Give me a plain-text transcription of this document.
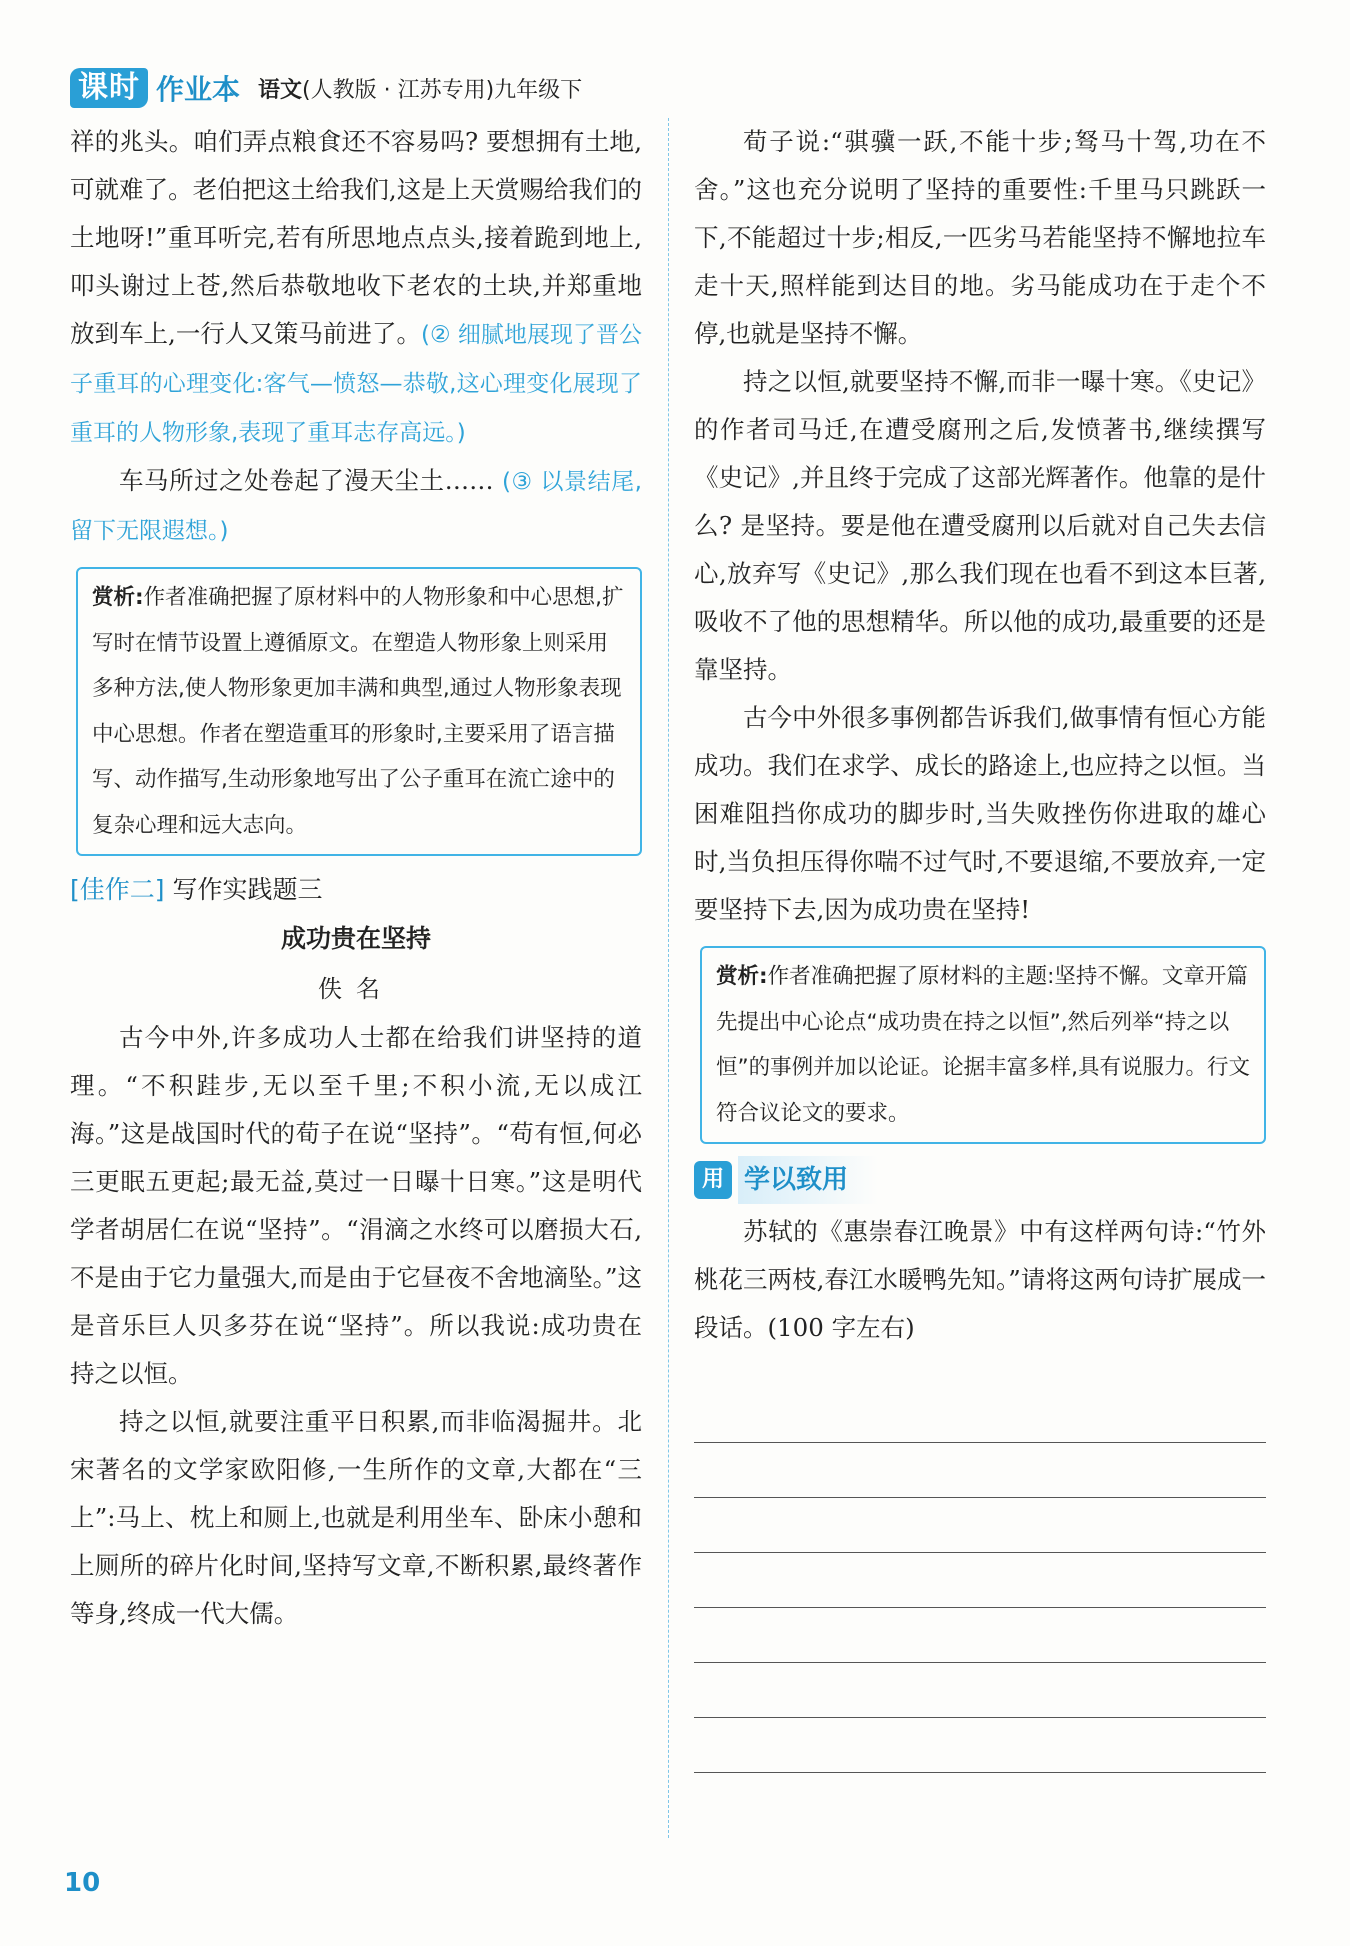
课时 作业本 语文(人教版 · 江苏专用)九年级下

祥的兆头。咱们弄点粮食还不容易吗? 要想拥有土地,可就难了。老伯把这土给我们,这是上天赏赐给我们的土地呀!”重耳听完,若有所思地点点头,接着跪到地上,叩头谢过上苍,然后恭敬地收下老农的土块,并郑重地放到车上,一行人又策马前进了。(② 细腻地展现了晋公子重耳的心理变化:客气—愤怒—恭敬,这心理变化展现了重耳的人物形象,表现了重耳志存高远。)

车马所过之处卷起了漫天尘土…… (③ 以景结尾,留下无限遐想。)

赏析:作者准确把握了原材料中的人物形象和中心思想,扩写时在情节设置上遵循原文。在塑造人物形象上则采用多种方法,使人物形象更加丰满和典型,通过人物形象表现中心思想。作者在塑造重耳的形象时,主要采用了语言描写、动作描写,生动形象地写出了公子重耳在流亡途中的复杂心理和远大志向。
[佳作二] 写作实践题三
成功贵在坚持
佚名

古今中外,许多成功人士都在给我们讲坚持的道理。“不积跬步,无以至千里;不积小流,无以成江海。”这是战国时代的荀子在说“坚持”。“苟有恒,何必三更眠五更起;最无益,莫过一日曝十日寒。”这是明代学者胡居仁在说“坚持”。“涓滴之水终可以磨损大石,不是由于它力量强大,而是由于它昼夜不舍地滴坠。”这是音乐巨人贝多芬在说“坚持”。所以我说:成功贵在持之以恒。

持之以恒,就要注重平日积累,而非临渴掘井。北宋著名的文学家欧阳修,一生所作的文章,大都在“三上”:马上、枕上和厕上,也就是利用坐车、卧床小憩和上厕所的碎片化时间,坚持写文章,不断积累,最终著作等身,终成一代大儒。

荀子说:“骐骥一跃,不能十步;驽马十驾,功在不舍。”这也充分说明了坚持的重要性:千里马只跳跃一下,不能超过十步;相反,一匹劣马若能坚持不懈地拉车走十天,照样能到达目的地。劣马能成功在于走个不停,也就是坚持不懈。

持之以恒,就要坚持不懈,而非一曝十寒。《史记》的作者司马迁,在遭受腐刑之后,发愤著书,继续撰写《史记》,并且终于完成了这部光辉著作。他靠的是什么? 是坚持。要是他在遭受腐刑以后就对自己失去信心,放弃写《史记》,那么我们现在也看不到这本巨著,吸收不了他的思想精华。所以他的成功,最重要的还是靠坚持。

古今中外很多事例都告诉我们,做事情有恒心方能成功。我们在求学、成长的路途上,也应持之以恒。当困难阻挡你成功的脚步时,当失败挫伤你进取的雄心时,当负担压得你喘不过气时,不要退缩,不要放弃,一定要坚持下去,因为成功贵在坚持!

赏析:作者准确把握了原材料的主题:坚持不懈。文章开篇先提出中心论点“成功贵在持之以恒”,然后列举“持之以恒”的事例并加以论证。论据丰富多样,具有说服力。行文符合议论文的要求。
用 学以致用

苏轼的《惠崇春江晚景》中有这样两句诗:“竹外桃花三两枝,春江水暖鸭先知。”请将这两句诗扩展成一段话。(100 字左右)

10
